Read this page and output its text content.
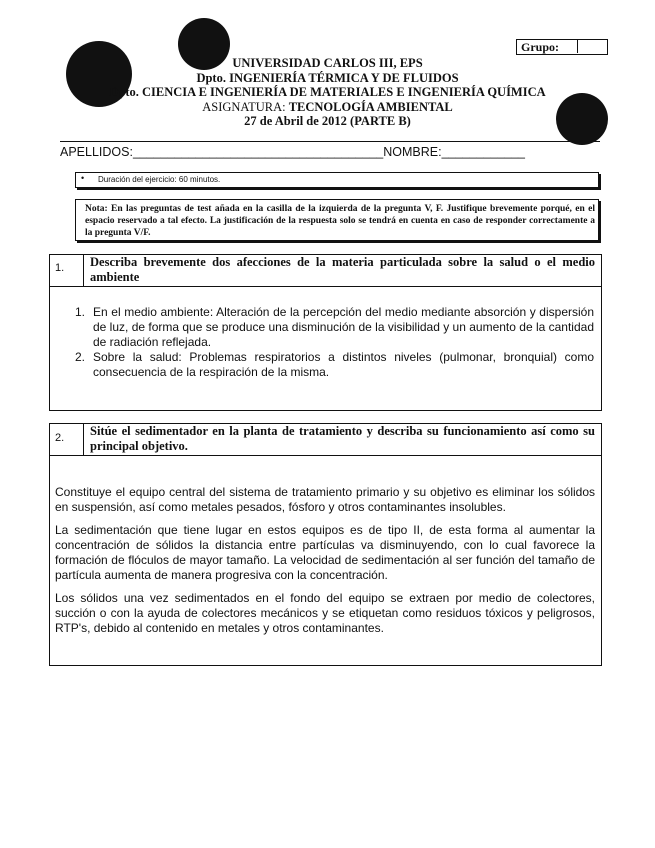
Grupo:
UNIVERSIDAD CARLOS III, EPS
Dpto. INGENIERÍA TÉRMICA Y DE FLUIDOS
Dpto. CIENCIA E INGENIERÍA DE MATERIALES E INGENIERÍA QUÍMICA
ASIGNATURA: TECNOLOGÍA AMBIENTAL
27 de Abril de 2012 (PARTE B)
APELLIDOS:____________________________________NOMBRE:____________
• Duración del ejercicio: 60 minutos.
Nota: En las preguntas de test añada en la casilla de la izquierda de la pregunta V, F. Justifique brevemente porqué, en el espacio reservado a tal efecto. La justificación de la respuesta solo se tendrá en cuenta en caso de responder correctamente a la pregunta V/F.
1. Describa brevemente dos afecciones de la materia particulada sobre la salud o el medio ambiente
1. En el medio ambiente: Alteración de la percepción del medio mediante absorción y dispersión de luz, de forma que se produce una disminución de la visibilidad y un aumento de la cantidad de radiación reflejada.
2. Sobre la salud: Problemas respiratorios a distintos niveles (pulmonar, bronquial) como consecuencia de la respiración de la misma.
2. Sitúe el sedimentador en la planta de tratamiento y describa su funcionamiento así como su principal objetivo.

Constituye el equipo central del sistema de tratamiento primario y su objetivo es eliminar los sólidos en suspensión, así como metales pesados, fósforo y otros contaminantes insolubles.

La sedimentación que tiene lugar en estos equipos es de tipo II, de esta forma al aumentar la concentración de sólidos la distancia entre partículas va disminuyendo, con lo cual favorece la formación de flóculos de mayor tamaño. La velocidad de sedimentación al ser función del tamaño de partícula aumenta de manera progresiva con la concentración.

Los sólidos una vez sedimentados en el fondo del equipo se extraen por medio de colectores, succión o con la ayuda de colectores mecánicos y se etiquetan como residuos tóxicos y peligrosos, RTP's, debido al contenido en metales y otros contaminantes.
